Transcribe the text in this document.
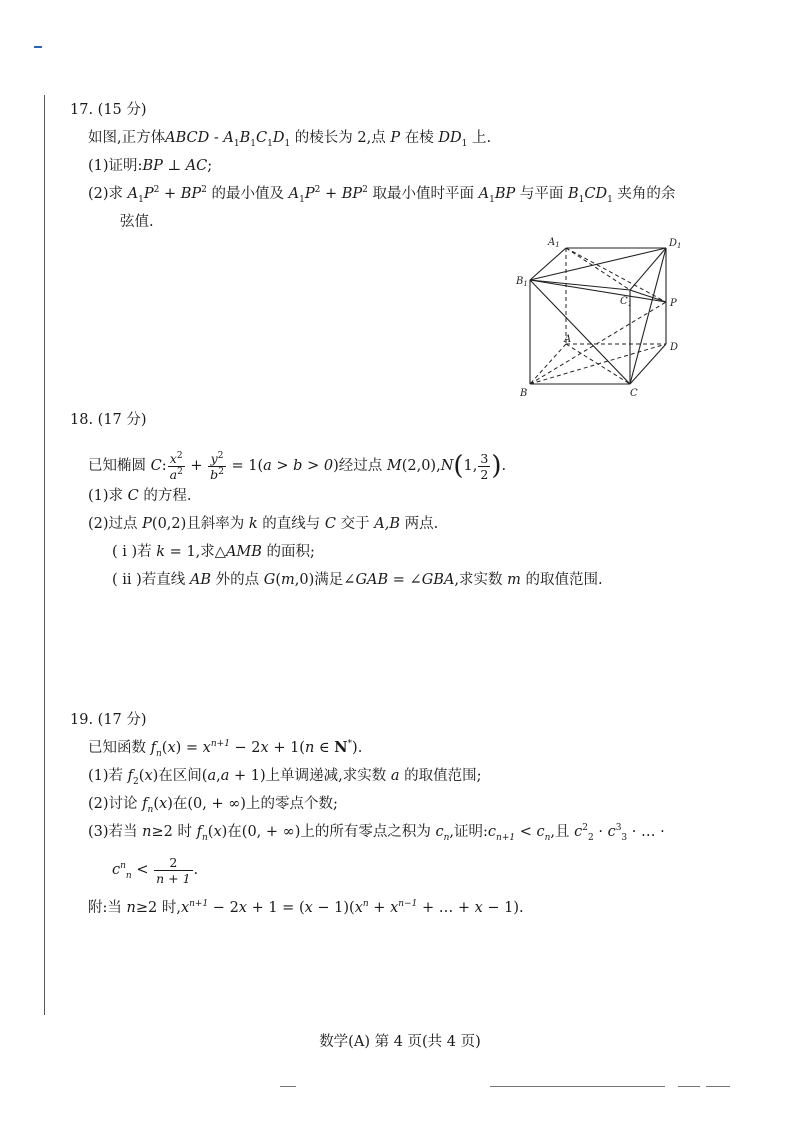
17. (15 分)
如图,正方体ABCD - $A_1B_1C_1D_1$ 的棱长为 2,点 P 在棱 $DD_1$ 上.
(1)证明:BP ⊥ AC;
(2)求 $A_1P^2 + BP^2$ 的最小值及 $A_1P^2 + BP^2$ 取最小值时平面 $A_1BP$ 与平面 $B_1CD_1$ 夹角的余
弦值.
$A_1$	$D_1$
$B_1$
$C_1$	P
A
D
B	C
18. (17 分)
已知椭圆 C: $\frac{x^2}{a^2} + \frac{y^2}{b^2} = 1(a > b > 0)$经过点 M(2,0),N(1, $\frac{3}{2}$ ).
(1)求 C 的方程.
(2)过点 P(0,2)且斜率为 k 的直线与 C 交于 A,B 两点.
( ⅰ )若 k = 1,求△AMB 的面积;
( ⅱ )若直线 AB 外的点 G(m,0)满足∠GAB = ∠GBA,求实数 m 的取值范围.
19. (17 分)
已知函数 $f_n(x) = x^{n+1} - 2x + 1(n$ ∈ N*).
(1)若 $f_2(x)$在区间(a,a + 1)上单调递减,求实数 a 的取值范围;
(2)讨论 $f_n(x)$在(0, + ∞)上的零点个数;
(3)若当 n≥2 时 $f_n(x)$在(0, + ∞)上的所有零点之积为 $c_n$,证明$:c_{n+1} < c_n$,且 $c^2_2 \cdot c^3_3$ · … ·
$c^n_n < \frac{2}{n + 1}$ .
附:当 n≥2 时$,x^{n+1} - 2x + 1 = (x - 1)(x^n + x^{n-1}$ + … + x − 1).
数学(A) 第 4 页(共 4 页)
